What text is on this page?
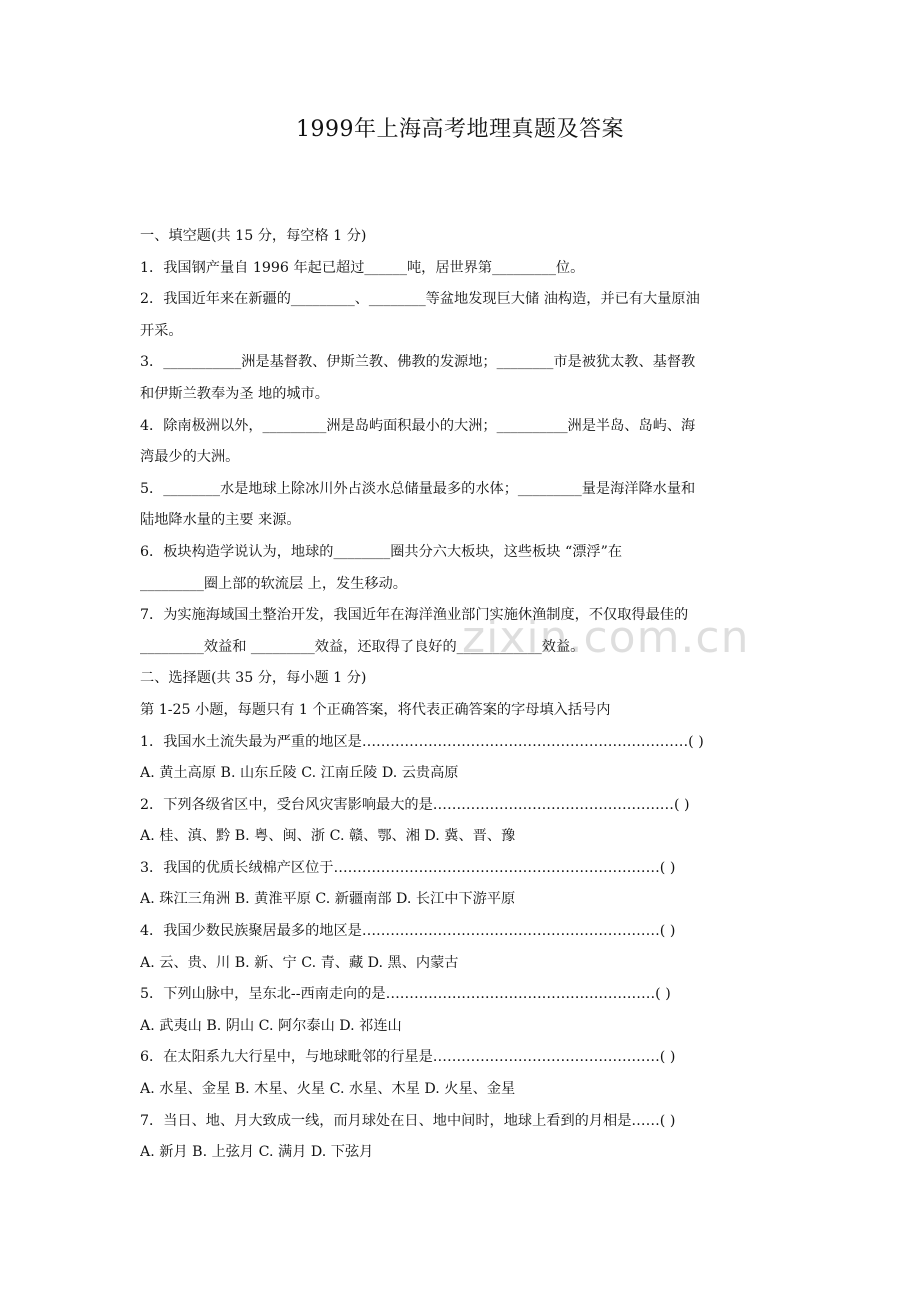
1999年上海高考地理真题及答案
一、填空题(共 15 分，每空格 1 分)
1．我国钢产量自 1996 年起已超过______吨，居世界第_________位。
2．我国近年来在新疆的_________、________等盆地发现巨大储 油构造，并已有大量原油
开采。
3．___________洲是基督教、伊斯兰教、佛教的发源地；________市是被犹太教、基督教
和伊斯兰教奉为圣 地的城市。
4．除南极洲以外，_________洲是岛屿面积最小的大洲；__________洲是半岛、岛屿、海
湾最少的大洲。
5．________水是地球上除冰川外占淡水总储量最多的水体；_________量是海洋降水量和
陆地降水量的主要 来源。
6．板块构造学说认为，地球的________圈共分六大板块，这些板块 “漂浮”在
_________圈上部的软流层 上，发生移动。
7．为实施海域国土整治开发，我国近年在海洋渔业部门实施休渔制度，不仅取得最佳的
_________效益和 _________效益，还取得了良好的____________效益。
二、选择题(共 35 分，每小题 1 分)
第 1-25 小题，每题只有 1 个正确答案，将代表正确答案的字母填入括号内
1．我国水土流失最为严重的地区是……………………………………………………………( )
A. 黄土高原 B. 山东丘陵 C. 江南丘陵 D. 云贵高原
2．下列各级省区中，受台风灾害影响最大的是……………………………………………( )
A. 桂、滇、黔 B. 粤、闽、浙 C. 赣、鄂、湘 D. 冀、晋、豫
3．我国的优质长绒棉产区位于……………………………………………………………( )
A. 珠江三角洲 B. 黄淮平原 C. 新疆南部 D. 长江中下游平原
4．我国少数民族聚居最多的地区是………………………………………………………( )
A. 云、贵、川 B. 新、宁 C. 青、藏 D. 黑、内蒙古
5．下列山脉中，呈东北--西南走向的是…………………………………………………( )
A. 武夷山 B. 阴山 C. 阿尔泰山 D. 祁连山
6．在太阳系九大行星中，与地球毗邻的行星是…………………………………………( )
A. 水星、金星 B. 木星、火星 C. 水星、木星 D. 火星、金星
7．当日、地、月大致成一线，而月球处在日、地中间时，地球上看到的月相是……( )
A. 新月 B. 上弦月 C. 满月 D. 下弦月
zixin.com.cn
